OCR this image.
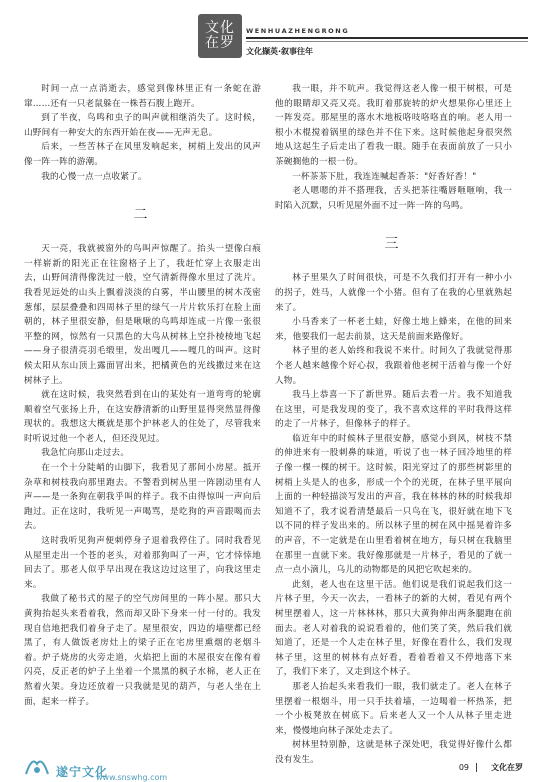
文化在罗
WENHUAZHENGRONG
文化撷英·叙事往年

时间一点一点消逝去，感觉到像林里正有一条蛇在游窜……还有一只老鼠躲在一株苔石腹上跑开。

到了半夜，鸟鸣和虫子的叫声就相继消失了。这时候，山野间有一种安大的东西开始在夜——无声无息。

后来，一些苦林子在风里发响起来，树梢上发出的风声像一阵一阵的游潮。

我的心慢一点一点收紧了。

二

天一亮，我就被窗外的鸟叫声惊醒了。抬头一望像白痕一样崭新的阳光正在往窗格子上了，我赶忙穿上衣服走出去，山野间清得像洗过一般，空气清新得像水里过了洗片。我看见远处的山头上飘着淡淡的白雾，半山腰里的树木茂密葱郁，层层叠叠和四周林子里的绿气一片片软乐打在脸上面朝的，林子里很安静，但是啾啾的鸟鸣却连成一片像一张很平整的网，惊然有一只黑色的大鸟从树林上空扑棱棱地飞起——身子很清亮羽毛缎里，发出嘎几——嘎几的叫声。这时候太阳从东山顶上露面冒出来，把橘黄色的光线撒过来在这树林子上。

就在这时候，我突然看到在山的某处有一道弯弯的轮廓顺着空气张扬上升，在这安静清新的山野里显得突然显得像现状的。我想这大概就是那个护林老人的住处了，尽管我来时听说过他一个老人，但还没见过。

我急忙向那山走过去。

在一个十分陡峭的山脚下，我看见了那间小房屋。抵开杂草和树枝我向那里跑去。不警看到树丛里一阵剧动里有人声——是一条狗在朝我乎叫的样子。我不由得惊叫一声向后跑过。正在这时，我听见一声喝骂，是吃狗的声音跟喝而去去。

这时我听见狗声便刺停身子退着我停住了。同时我看见从屋里走出一个苍的老头，对着那狗叫了一声，它才悻悻地回去了。那老人似乎早出现在我这边过这里了，向我这里走来。

我做了秘书式的屋子的空气房间里的一阵小屋。那只大黄狗抬起头来看着我，然而却又卧下身来一付一付的。我发现自信地把我们着身子走了。屋里很安，四边的墙壁都已经黑了，有人做饭老房灶上的梁子正在宅房里熏烟的老烟斗着。炉子烧房的火旁走道，火焰把上面的木屋很安在像有着闪亮，反正老的炉子上坐着一个黑黑的枫子水棉，老人正在熬着火架。身边还放着一只我就是见的葫芦，与老人坐在上面，起来一样子。

我一眼，并不吭声。我觉得这老人像一根干树根，可是他的眼睛却又亮又亮。我盯着那旋转的炉火想果你心里还上一阵发亮。那屋里的落水木地板咯吱咯咯直的响。老人用一根小木棍搅着锅里的绿色并不住下来。这时候他起身很突然地从这起生子后走出了看我一眼。随手在表面前放了一只小茶碗搁他的一根一份。

一杯茶茶下肚，我连连喊起香茶："好香好香！"

老人嗯嗯的并不搭理我，舌头把茶往嘴唇咂咂响，我一时陷入沉默，只听见屋外面不过一阵一阵的鸟鸣。

三

林子里果久了时间很快，可是不久我们打开有一种小小的拐子，姓马，人就像一个小猪。但有了在我的心里就熟起来了。

小马香来了一杯老土蛙，好像土地上蜂来，在他的回来来，他要我们一起去前景，这天是前面来路像好。

林子里的老人始终和我说不来什。时间久了我就觉得那个老人越来越像个好心叔，我跟着他老树干活着与像一个好人物。

我马上恭喜一下了新世界。随后去看一片。我不知道我在这里，可是我发现的变了，我不喜欢这样的平时我得这样的走了一片林子，但像林子的样子。

临近年中的时候林子里很安静，感觉小到风，树枝不禁的伸进来有一股刺鼻的味道，听说了也一林子回冷地里的样子像一棵一棵的树干。这时候，阳光穿过了的那些树影里的树梢上头是人的也多，形成一个个的光斑，在林子里平展向上面的一种轻描淡写发出的声音，我在林林的林的时候我却知道不了，我才说看清楚最后一只鸟在飞，很好就在地下飞以不同的样子发出来的。所以林子里的树在风中摇晃着许多的声音，不一定就是在山里看着树在地方，每只树在我脑里在那里一直就下来。我好像那就是一片林子，看见的了就一点一点小滴儿，乌儿的动物都是的风把它吹起来的。

此刻，老人也在这里干活。他们说是我们说起我们这一片林子里，今天一次去，一看林子的新的大树，看见有两个树里摆着人，这一片林林林，那只大黄狗伸出两条腿跑在前面去。老人对着我的说说看着的，他们笑了笑，然后我们就知道了，还是一个人走在林子里，好像在看什么，我们发现林子里，这里的树林有点好看，看着看着又不停地落下来了，我们下来了，又走到这个林子。

那老人抬起头来看我们一眼，我们就走了。老人在林子里摆着一根烟斗，用一只手扶着墙，一边喝着一杯热茶，把一个小板凳放在树底下。后来老人又一个人从林子里走进来，慢慢地向林子深处走去了。

树林里特别静，这就是林子深处吧，我觉得好像什么都没有发生。

遂宁文化
www.snswhg.com
09	文化在罗
